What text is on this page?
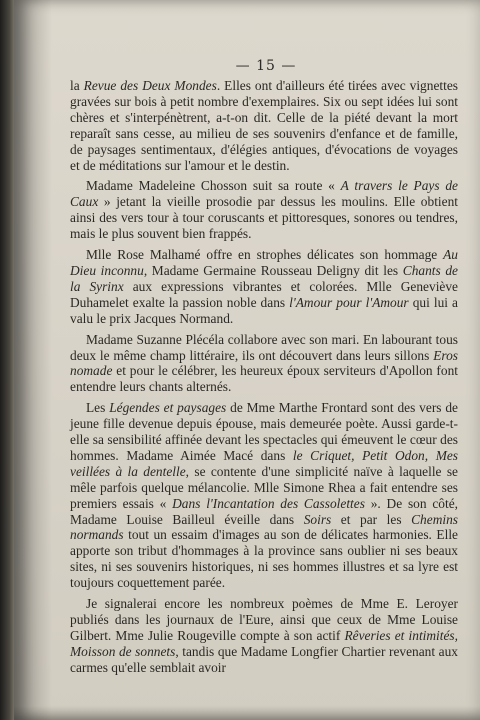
— 15 —

la Revue des Deux Mondes. Elles ont d'ailleurs été tirées avec vignettes gravées sur bois à petit nombre d'exemplaires. Six ou sept idées lui sont chères et s'interpénètrent, a-t-on dit. Celle de la piété devant la mort reparaît sans cesse, au milieu de ses souvenirs d'enfance et de famille, de paysages sentimentaux, d'élégies antiques, d'évocations de voyages et de méditations sur l'amour et le destin.

Madame Madeleine Chosson suit sa route « A travers le Pays de Caux » jetant la vieille prosodie par dessus les moulins. Elle obtient ainsi des vers tour à tour coruscants et pittoresques, sonores ou tendres, mais le plus souvent bien frappés.

Mlle Rose Malhamé offre en strophes délicates son hommage Au Dieu inconnu, Madame Germaine Rousseau Deligny dit les Chants de la Syrinx aux expressions vibrantes et colorées. Mlle Geneviève Duhamelet exalte la passion noble dans l'Amour pour l'Amour qui lui a valu le prix Jacques Normand.

Madame Suzanne Plécéla collabore avec son mari. En labourant tous deux le même champ littéraire, ils ont découvert dans leurs sillons Eros nomade et pour le célébrer, les heureux époux serviteurs d'Apollon font entendre leurs chants alternés.

Les Légendes et paysages de Mme Marthe Frontard sont des vers de jeune fille devenue depuis épouse, mais demeurée poète. Aussi garde-t-elle sa sensibilité affinée devant les spectacles qui émeuvent le cœur des hommes. Madame Aimée Macé dans le Criquet, Petit Odon, Mes veillées à la dentelle, se contente d'une simplicité naïve à laquelle se mêle parfois quelque mélancolie. Mlle Simone Rhea a fait entendre ses premiers essais « Dans l'Incantation des Cassolettes ». De son côté, Madame Louise Bailleul éveille dans Soirs et par les Chemins normands tout un essaim d'images au son de délicates harmonies. Elle apporte son tribut d'hommages à la province sans oublier ni ses beaux sites, ni ses souvenirs historiques, ni ses hommes illustres et sa lyre est toujours coquettement parée.

Je signalerai encore les nombreux poèmes de Mme E. Leroyer publiés dans les journaux de l'Eure, ainsi que ceux de Mme Louise Gilbert. Mme Julie Rougeville compte à son actif Rêveries et intimités, Moisson de sonnets, tandis que Madame Longfier Chartier revenant aux carmes qu'elle semblait avoir
